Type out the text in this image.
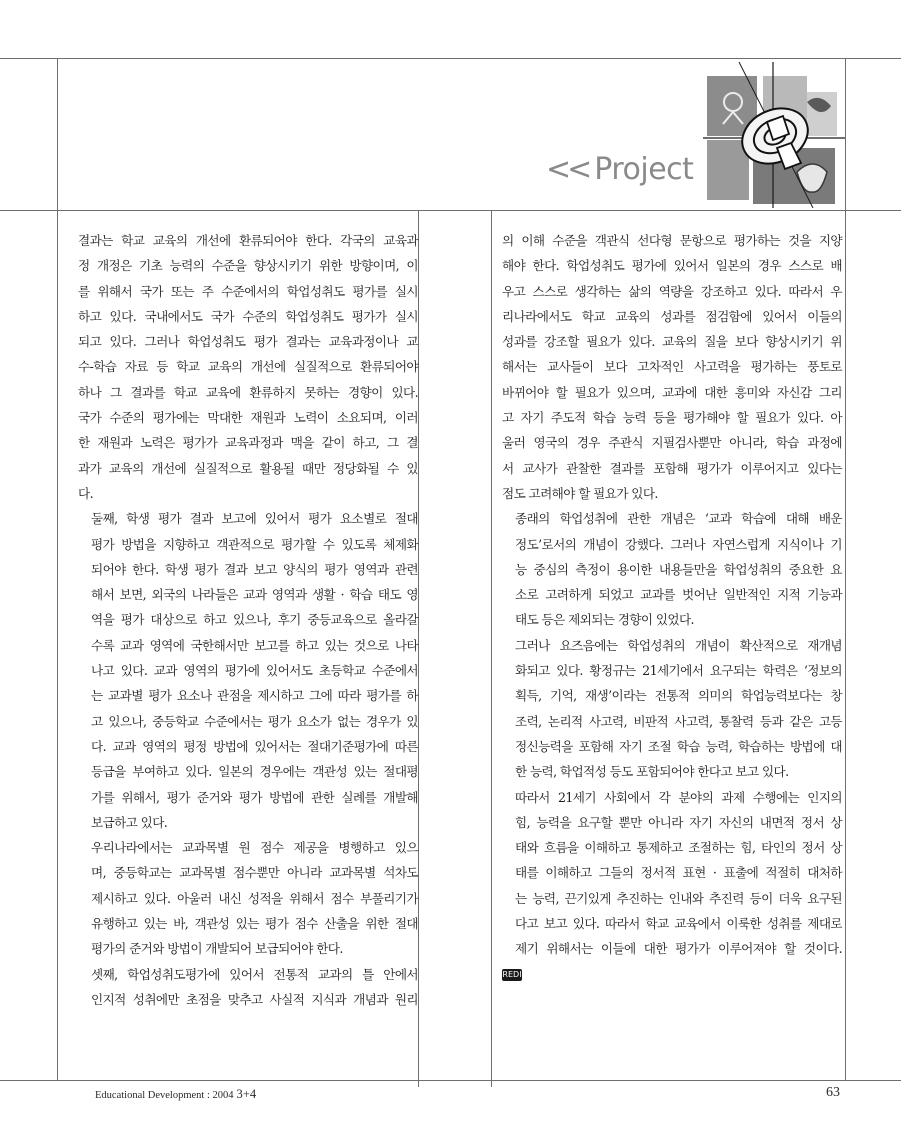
<< Project

결과는 학교 교육의 개선에 환류되어야 한다. 각국의 교육과
정 개정은 기초 능력의 수준을 향상시키기 위한 방향이며, 이
를 위해서 국가 또는 주 수준에서의 학업성취도 평가를 실시
하고 있다. 국내에서도 국가 수준의 학업성취도 평가가 실시
되고 있다. 그러나 학업성취도 평가 결과는 교육과정이나 교
수-학습 자료 등 학교 교육의 개선에 실질적으로 환류되어야
하나 그 결과를 학교 교육에 환류하지 못하는 경향이 있다.
국가 수준의 평가에는 막대한 재원과 노력이 소요되며, 이러
한 재원과 노력은 평가가 교육과정과 맥을 같이 하고, 그 결
과가 교육의 개선에 실질적으로 활용될 때만 정당화될 수 있
다.

둘째, 학생 평가 결과 보고에 있어서 평가 요소별로 절대
평가 방법을 지향하고 객관적으로 평가할 수 있도록 체제화
되어야 한다. 학생 평가 결과 보고 양식의 평가 영역과 관련
해서 보면, 외국의 나라들은 교과 영역과 생활 · 학습 태도 영
역을 평가 대상으로 하고 있으나, 후기 중등교육으로 올라갈
수록 교과 영역에 국한해서만 보고를 하고 있는 것으로 나타
나고 있다. 교과 영역의 평가에 있어서도 초등학교 수준에서
는 교과별 평가 요소나 관점을 제시하고 그에 따라 평가를 하
고 있으나, 중등학교 수준에서는 평가 요소가 없는 경우가 있
다. 교과 영역의 평정 방법에 있어서는 절대기준평가에 따른
등급을 부여하고 있다. 일본의 경우에는 객관성 있는 절대평
가를 위해서, 평가 준거와 평가 방법에 관한 실례를 개발해
보급하고 있다.

우리나라에서는 교과목별 원 점수 제공을 병행하고 있으
며, 중등학교는 교과목별 점수뿐만 아니라 교과목별 석차도
제시하고 있다. 아울러 내신 성적을 위해서 점수 부풀리기가
유행하고 있는 바, 객관성 있는 평가 점수 산출을 위한 절대
평가의 준거와 방법이 개발되어 보급되어야 한다.

셋째, 학업성취도평가에 있어서 전통적 교과의 틀 안에서
인지적 성취에만 초점을 맞추고 사실적 지식과 개념과 원리

의 이해 수준을 객관식 선다형 문항으로 평가하는 것을 지양
해야 한다. 학업성취도 평가에 있어서 일본의 경우 스스로 배
우고 스스로 생각하는 삶의 역량을 강조하고 있다. 따라서 우
리나라에서도 학교 교육의 성과를 점검함에 있어서 이들의
성과를 강조할 필요가 있다. 교육의 질을 보다 향상시키기 위
해서는 교사들이 보다 고차적인 사고력을 평가하는 풍토로
바뀌어야 할 필요가 있으며, 교과에 대한 흥미와 자신감 그리
고 자기 주도적 학습 능력 등을 평가해야 할 필요가 있다. 아
울러 영국의 경우 주관식 지필검사뿐만 아니라, 학습 과정에
서 교사가 관찰한 결과를 포함해 평가가 이루어지고 있다는
점도 고려해야 할 필요가 있다.

종래의 학업성취에 관한 개념은 ‘교과 학습에 대해 배운
정도’로서의 개념이 강했다. 그러나 자연스럽게 지식이나 기
능 중심의 측정이 용이한 내용들만을 학업성취의 중요한 요
소로 고려하게 되었고 교과를 벗어난 일반적인 지적 기능과
태도 등은 제외되는 경향이 있었다.

그러나 요즈음에는 학업성취의 개념이 확산적으로 재개념
화되고 있다. 황정규는 21세기에서 요구되는 학력은 ‘정보의
획득, 기억, 재생’이라는 전통적 의미의 학업능력보다는 창
조력, 논리적 사고력, 비판적 사고력, 통찰력 등과 같은 고등
정신능력을 포함해 자기 조절 학습 능력, 학습하는 방법에 대
한 능력, 학업적성 등도 포함되어야 한다고 보고 있다.

따라서 21세기 사회에서 각 분야의 과제 수행에는 인지의
힘, 능력을 요구할 뿐만 아니라 자기 자신의 내면적 정서 상
태와 흐름을 이해하고 통제하고 조절하는 힘, 타인의 정서 상
태를 이해하고 그들의 정서적 표현 · 표출에 적절히 대처하
는 능력, 끈기있게 추진하는 인내와 추진력 등이 더욱 요구된
다고 보고 있다. 따라서 학교 교육에서 이룩한 성취를 제대로
제기 위해서는 이들에 대한 평가가 이루어져야 할 것이다.

REDI

Educational Development : 2004 3+4	63
